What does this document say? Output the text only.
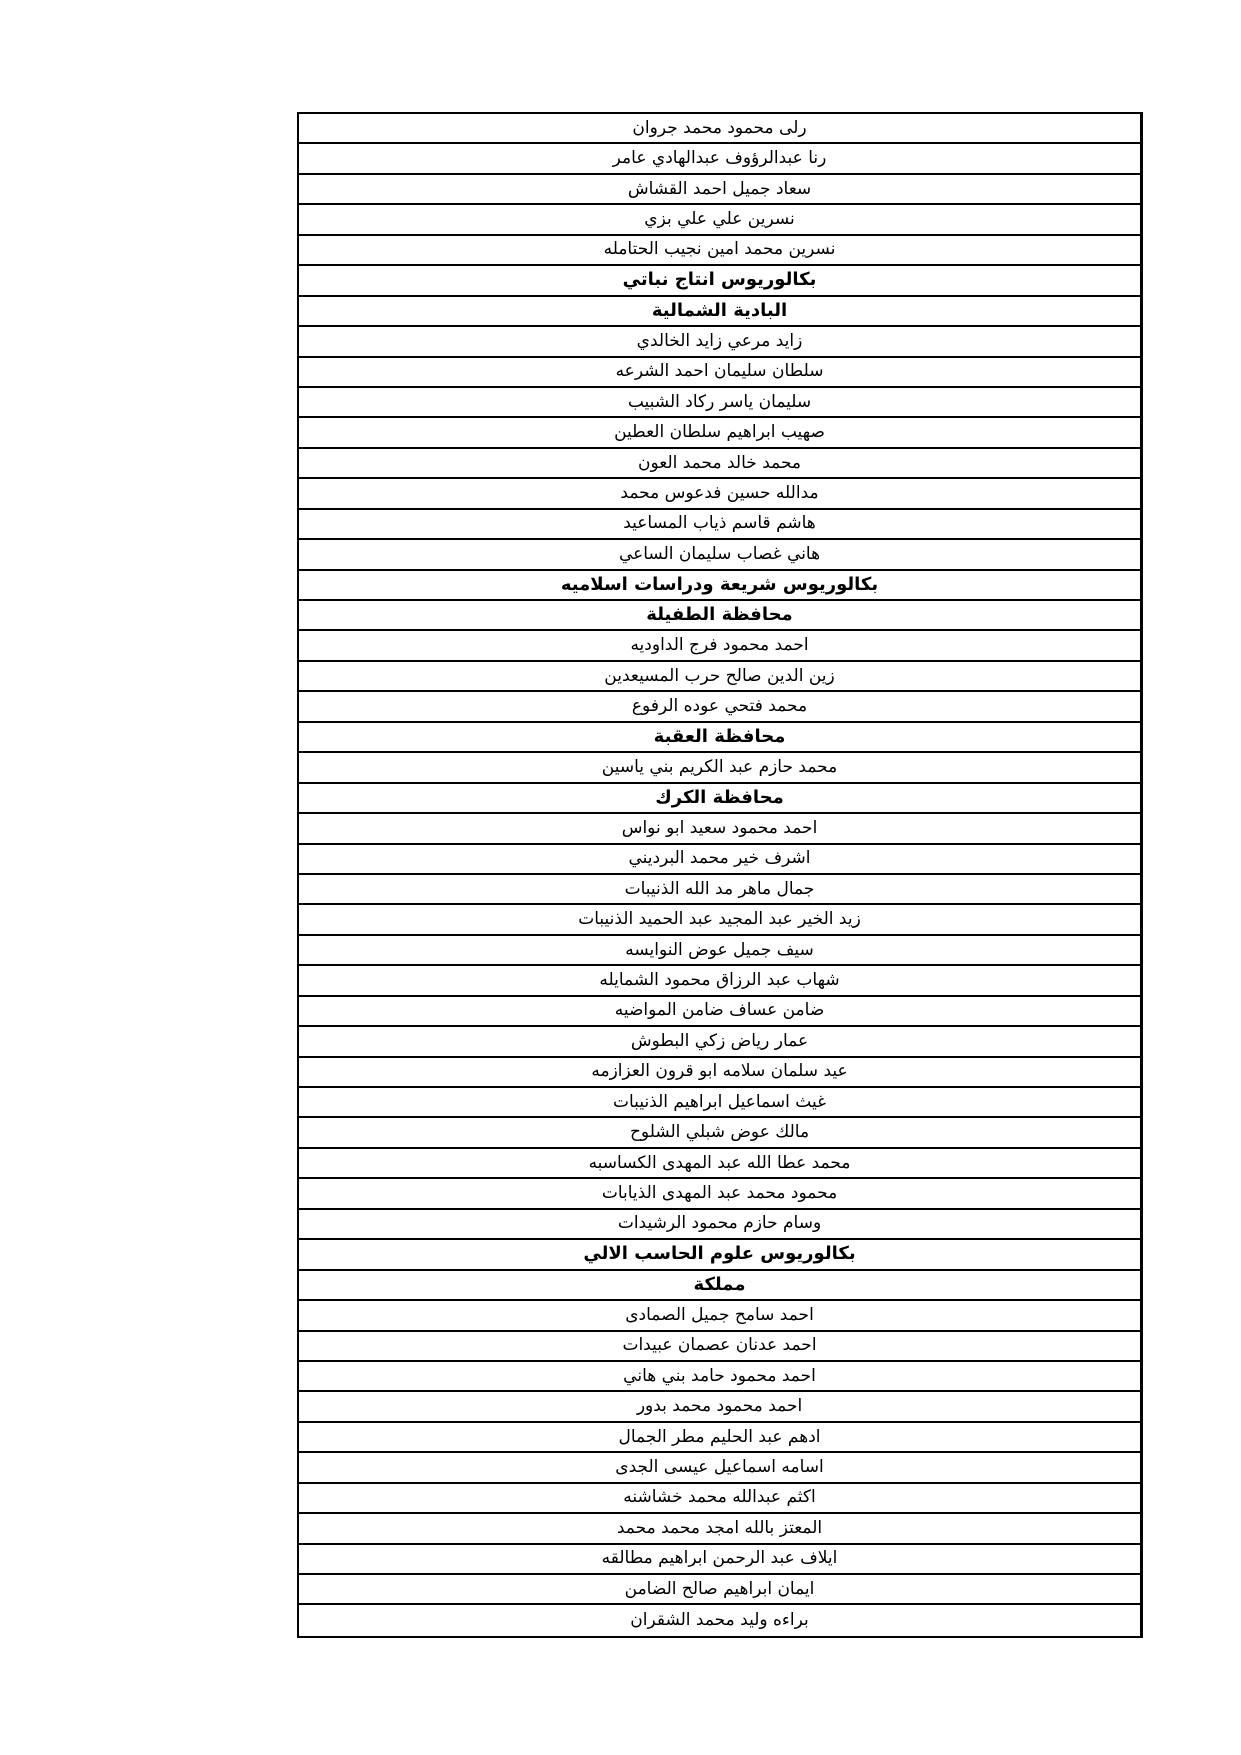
رلى محمود محمد جروان
رنا عبدالرؤوف عبدالهادي عامر
سعاد جميل احمد القشاش
نسرين علي علي بزي
نسرين محمد امين نجيب الحتامله
بكالوريوس انتاج نباتي
البادية الشمالية
زايد مرعي زايد الخالدي
سلطان سليمان احمد الشرعه
سليمان ياسر ركاد الشبيب
صهيب ابراهيم سلطان العطين
محمد خالد محمد العون
مدالله حسين فدعوس محمد
هاشم قاسم ذياب المساعيد
هاني غصاب سليمان الساعي
بكالوريوس شريعة ودراسات اسلاميه
محافظة الطفيلة
احمد محمود فرج الداوديه
زين الدين صالح حرب المسيعدين
محمد فتحي عوده الرفوع
محافظة العقبة
محمد حازم عبد الكريم بني ياسين
محافظة الكرك
احمد محمود سعيد ابو نواس
اشرف خير محمد البرديني
جمال ماهر مد الله الذنيبات
زيد الخير عبد المجيد عبد الحميد الذنيبات
سيف جميل عوض النوايسه
شهاب عبد الرزاق محمود الشمايله
ضامن عساف ضامن المواضيه
عمار رياض زكي البطوش
عيد سلمان سلامه ابو قرون العزازمه
غيث اسماعيل ابراهيم الذنيبات
مالك عوض شبلي الشلوح
محمد عطا الله عبد المهدى الكساسبه
محمود محمد عبد المهدى الذيابات
وسام حازم محمود الرشيدات
بكالوريوس علوم الحاسب الالي
مملكة
احمد سامح جميل الصمادى
احمد عدنان عصمان عبيدات
احمد محمود حامد بني هاني
احمد محمود محمد بدور
ادهم عبد الحليم مطر الجمال
اسامه اسماعيل عيسى الجدى
اكثم عبدالله محمد خشاشنه
المعتز بالله امجد محمد محمد
ايلاف عبد الرحمن ابراهيم مطالقه
ايمان ابراهيم صالح الضامن
براءه وليد محمد الشقران
